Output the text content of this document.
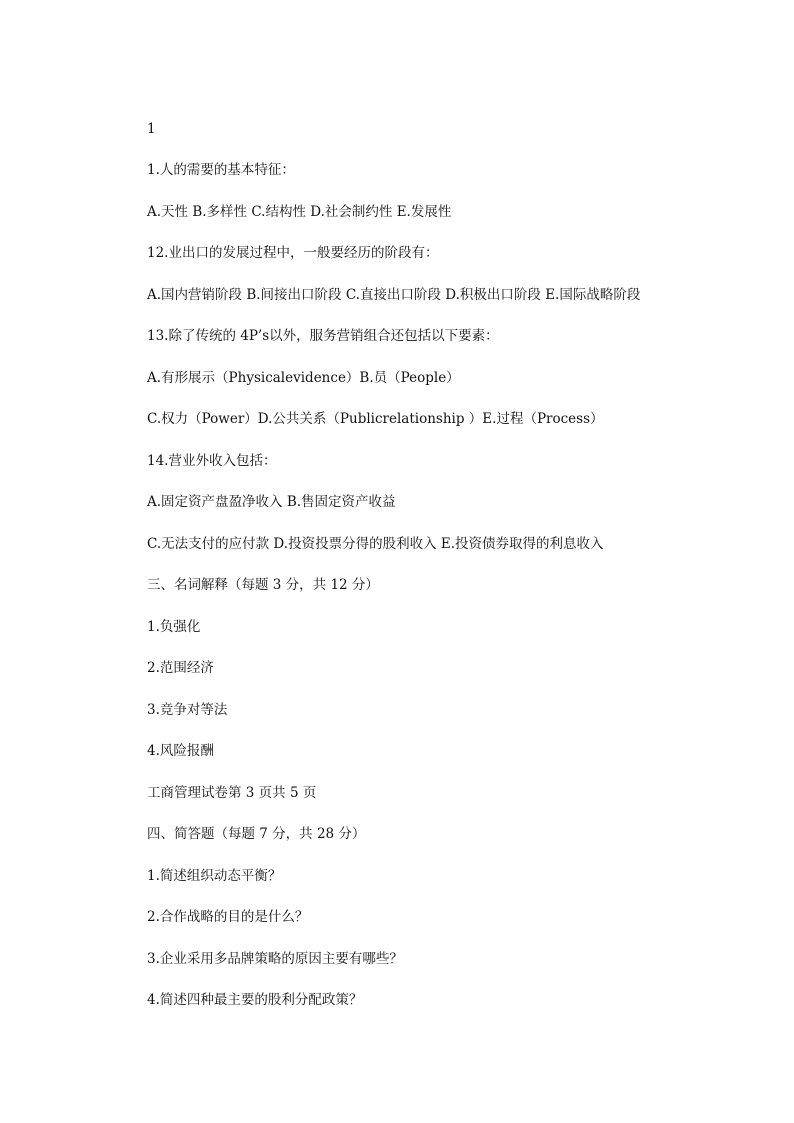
1
1.人的需要的基本特征：
A.天性 B.多样性 C.结构性 D.社会制约性 E.发展性
12.业出口的发展过程中，一般要经历的阶段有：
A.国内营销阶段 B.间接出口阶段 C.直接出口阶段 D.积极出口阶段 E.国际战略阶段
13.除了传统的 4P’s以外，服务营销组合还包括以下要素：
A.有形展示（Physicalevidence）B.员（People）
C.权力（Power）D.公共关系（Publicrelationship ）E.过程（Process）
14.营业外收入包括：
A.固定资产盘盈净收入 B.售固定资产收益
C.无法支付的应付款 D.投资投票分得的股利收入 E.投资债券取得的利息收入
三、名词解释（每题 3 分，共 12 分）
1.负强化
2.范围经济
3.竞争对等法
4.风险报酬
工商管理试卷第 3 页共 5 页
四、简答题（每题 7 分，共 28 分）
1.简述组织动态平衡？
2.合作战略的目的是什么？
3.企业采用多品牌策略的原因主要有哪些？
4.简述四种最主要的股利分配政策？
